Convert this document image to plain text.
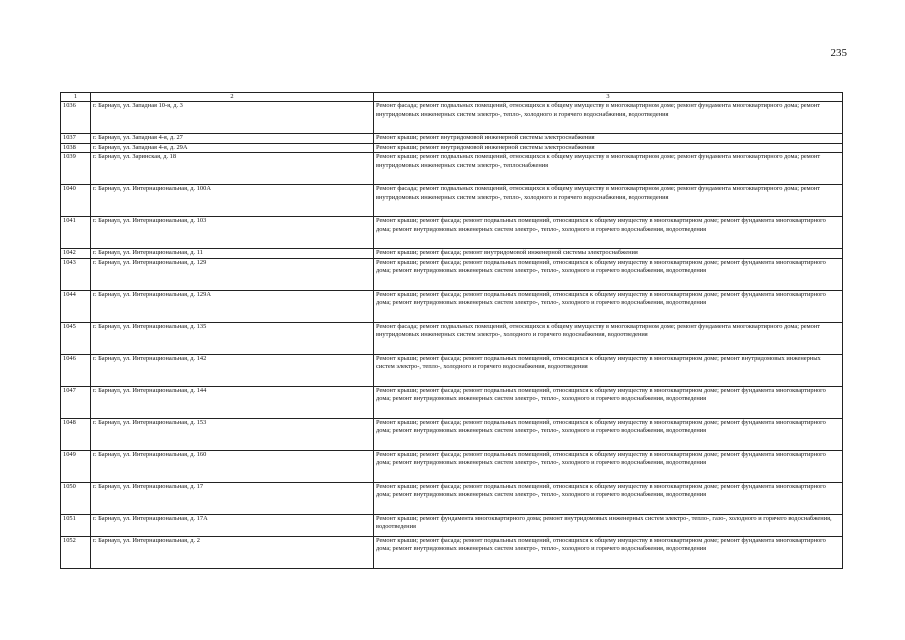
235
1	2	3
1036	г. Барнаул, ул. Западная 10-я, д. 3	Ремонт фасада; ремонт подвальных помещений, относящихся к общему имуществу в многоквартирном доме; ремонт фундамента многоквартирного дома; ремонт внутридомовых инженерных систем электро-, тепло-, холодного и горячего водоснабжения, водоотведения
1037	г. Барнаул, ул. Западная 4-я, д. 27	Ремонт крыши; ремонт внутридомовой инженерной системы электроснабжения
1038	г. Барнаул, ул. Западная 4-я, д. 29А	Ремонт крыши; ремонт внутридомовой инженерной системы электроснабжения
1039	г. Барнаул, ул. Заринская, д. 18	Ремонт крыши; ремонт подвальных помещений, относящихся к общему имуществу в многоквартирном доме; ремонт фундамента многоквартирного дома; ремонт внутридомовых инженерных систем электро-, теплоснабжения
1040	г. Барнаул, ул. Интернациональная, д. 100А	Ремонт фасада; ремонт подвальных помещений, относящихся к общему имуществу в многоквартирном доме; ремонт фундамента многоквартирного дома; ремонт внутридомовых инженерных систем электро-, тепло-, холодного и горячего водоснабжения, водоотведения
1041	г. Барнаул, ул. Интернациональная, д. 103	Ремонт крыши; ремонт фасада; ремонт подвальных помещений, относящихся к общему имуществу в многоквартирном доме; ремонт фундамента многоквартирного дома; ремонт внутридомовых инженерных систем электро-, тепло-, холодного и горячего водоснабжения, водоотведения
1042	г. Барнаул, ул. Интернациональная, д. 11	Ремонт крыши; ремонт фасада; ремонт внутридомовой инженерной системы электроснабжения
1043	г. Барнаул, ул. Интернациональная, д. 129	Ремонт крыши; ремонт фасада; ремонт подвальных помещений, относящихся к общему имуществу в многоквартирном доме; ремонт фундамента многоквартирного дома; ремонт внутридомовых инженерных систем электро-, тепло-, холодного и горячего водоснабжения, водоотведения
1044	г. Барнаул, ул. Интернациональная, д. 129А	Ремонт крыши; ремонт фасада; ремонт подвальных помещений, относящихся к общему имуществу в многоквартирном доме; ремонт фундамента многоквартирного дома; ремонт внутридомовых инженерных систем электро-, тепло-, холодного и горячего водоснабжения, водоотведения
1045	г. Барнаул, ул. Интернациональная, д. 135	Ремонт фасада; ремонт подвальных помещений, относящихся к общему имуществу в многоквартирном доме; ремонт фундамента многоквартирного дома; ремонт внутридомовых инженерных систем электро-, холодного и горячего водоснабжения, водоотведения
1046	г. Барнаул, ул. Интернациональная, д. 142	Ремонт крыши; ремонт фасада; ремонт подвальных помещений, относящихся к общему имуществу в многоквартирном доме; ремонт внутридомовых инженерных систем электро-, тепло-, холодного и горячего водоснабжения, водоотведения
1047	г. Барнаул, ул. Интернациональная, д. 144	Ремонт крыши; ремонт фасада; ремонт подвальных помещений, относящихся к общему имуществу в многоквартирном доме; ремонт фундамента многоквартирного дома; ремонт внутридомовых инженерных систем электро-, тепло-, холодного и горячего водоснабжения, водоотведения
1048	г. Барнаул, ул. Интернациональная, д. 153	Ремонт крыши; ремонт фасада; ремонт подвальных помещений, относящихся к общему имуществу в многоквартирном доме; ремонт фундамента многоквартирного дома; ремонт внутридомовых инженерных систем электро-, тепло-, холодного и горячего водоснабжения, водоотведения
1049	г. Барнаул, ул. Интернациональная, д. 160	Ремонт крыши; ремонт фасада; ремонт подвальных помещений, относящихся к общему имуществу в многоквартирном доме; ремонт фундамента многоквартирного дома; ремонт внутридомовых инженерных систем электро-, тепло-, холодного и горячего водоснабжения, водоотведения
1050	г. Барнаул, ул. Интернациональная, д. 17	Ремонт крыши; ремонт фасада; ремонт подвальных помещений, относящихся к общему имуществу в многоквартирном доме; ремонт фундамента многоквартирного дома; ремонт внутридомовых инженерных систем электро-, тепло-, холодного и горячего водоснабжения, водоотведения
1051	г. Барнаул, ул. Интернациональная, д. 17А	Ремонт крыши; ремонт фундамента многоквартирного дома; ремонт внутридомовых инженерных систем электро-, тепло-, газо-, холодного и горячего водоснабжения, водоотведения
1052	г. Барнаул, ул. Интернациональная, д. 2	Ремонт крыши; ремонт фасада; ремонт подвальных помещений, относящихся к общему имуществу в многоквартирном доме; ремонт фундамента многоквартирного дома; ремонт внутридомовых инженерных систем электро-, тепло-, холодного и горячего водоснабжения, водоотведения
